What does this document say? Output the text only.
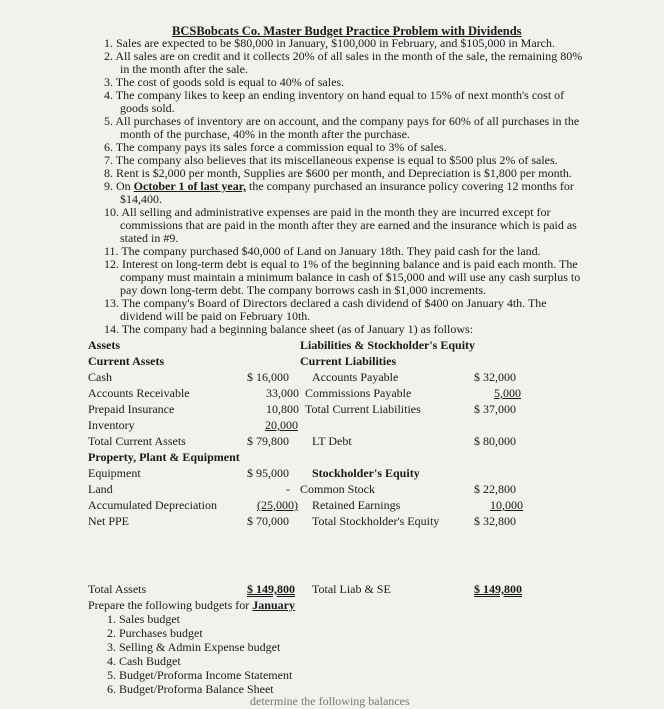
BCSBobcats Co. Master Budget Practice Problem with Dividends
1. Sales are expected to be $80,000 in January, $100,000 in February, and $105,000 in March.
2. All sales are on credit and it collects 20% of all sales in the month of the sale, the remaining 80%
in the month after the sale.
3. The cost of goods sold is equal to 40% of sales.
4. The company likes to keep an ending inventory on hand equal to 15% of next month's cost of
goods sold.
5. All purchases of inventory are on account, and the company pays for 60% of all purchases in the
month of the purchase, 40% in the month after the purchase.
6. The company pays its sales force a commission equal to 3% of sales.
7. The company also believes that its miscellaneous expense is equal to $500 plus 2% of sales.
8. Rent is $2,000 per month, Supplies are $600 per month, and Depreciation is $1,800 per month.
9. On October 1 of last year, the company purchased an insurance policy covering 12 months for
$14,400.
10. All selling and administrative expenses are paid in the month they are incurred except for
commissions that are paid in the month after they are earned and the insurance which is paid as
stated in #9.
11. The company purchased $40,000 of Land on January 18th. They paid cash for the land.
12. Interest on long-term debt is equal to 1% of the beginning balance and is paid each month. The
company must maintain a minimum balance in cash of $15,000 and will use any cash surplus to
pay down long-term debt. The company borrows cash in $1,000 increments.
13. The company's Board of Directors declared a cash dividend of $400 on January 4th. The
dividend will be paid on February 10th.
14. The company had a beginning balance sheet (as of January 1) as follows:
Assets	Liabilities & Stockholder's Equity
Current Assets	Current Liabilities
Cash	$ 16,000 Accounts Payable	$ 32,000
Accounts Receivable	33,000 Commissions Payable	5,000
Prepaid Insurance	10,800 Total Current Liabilities	$ 37,000
Inventory	20,000
Total Current Assets	$ 79,800 LT Debt	$ 80,000
Property, Plant & Equipment
Equipment	$ 95,000 Stockholder's Equity
Land	- Common Stock	$ 22,800
Accumulated Depreciation	(25,000) Retained Earnings	10,000
Net PPE	$ 70,000 Total Stockholder's Equity	$ 32,800
Total Assets	$ 149,800 Total Liab & SE	$ 149,800
Prepare the following budgets for January
1. Sales budget
2. Purchases budget
3. Selling & Admin Expense budget
4. Cash Budget
5. Budget/Proforma Income Statement
6. Budget/Proforma Balance Sheet
determine the following balances
